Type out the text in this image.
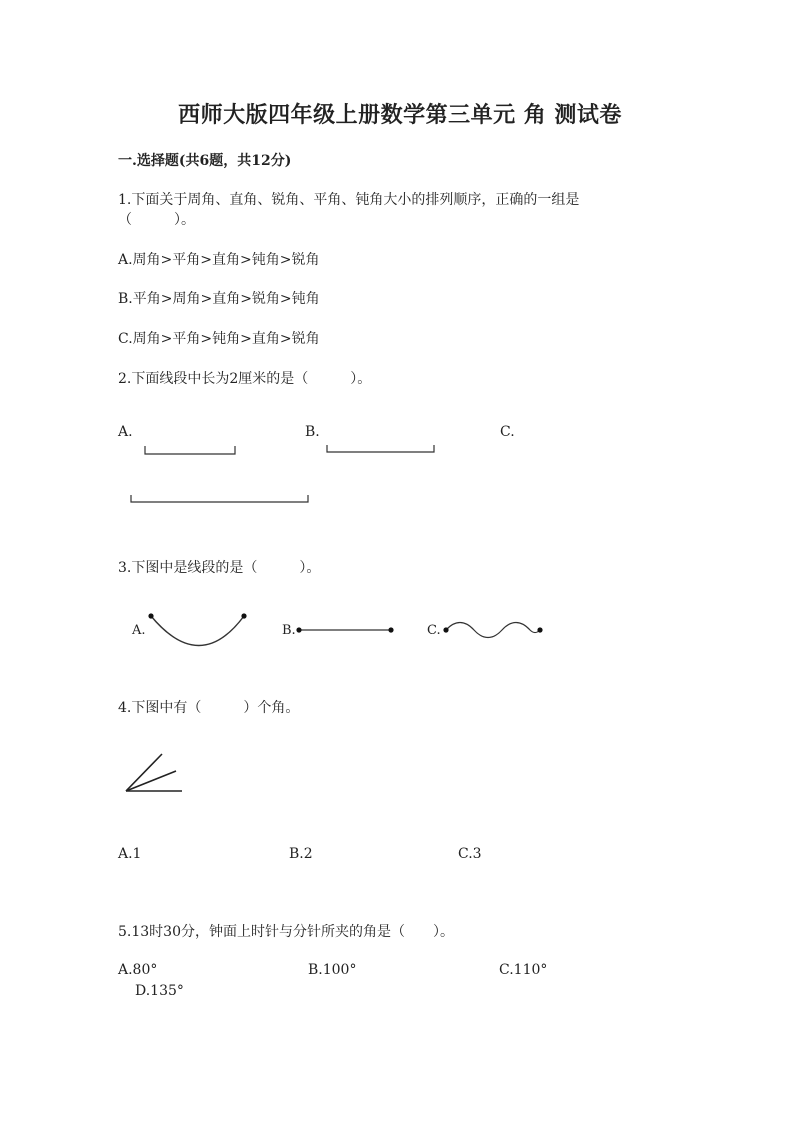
西师大版四年级上册数学第三单元 角 测试卷
一.选择题(共6题，共12分)
1.下面关于周角、直角、锐角、平角、钝角大小的排列顺序，正确的一组是
（　　　）。
A.周角>平角>直角>钝角>锐角
B.平角>周角>直角>锐角>钝角
C.周角>平角>钝角>直角>锐角
2.下面线段中长为2厘米的是（　　　）。
A.	B.	C.
3.下图中是线段的是（　　　）。
A.	B.	C.
4.下图中有（　　　）个角。
A.1	B.2	C.3
5.13时30分，钟面上时针与分针所夹的角是（　　）。
A.80°	B.100°	C.110°
D.135°
